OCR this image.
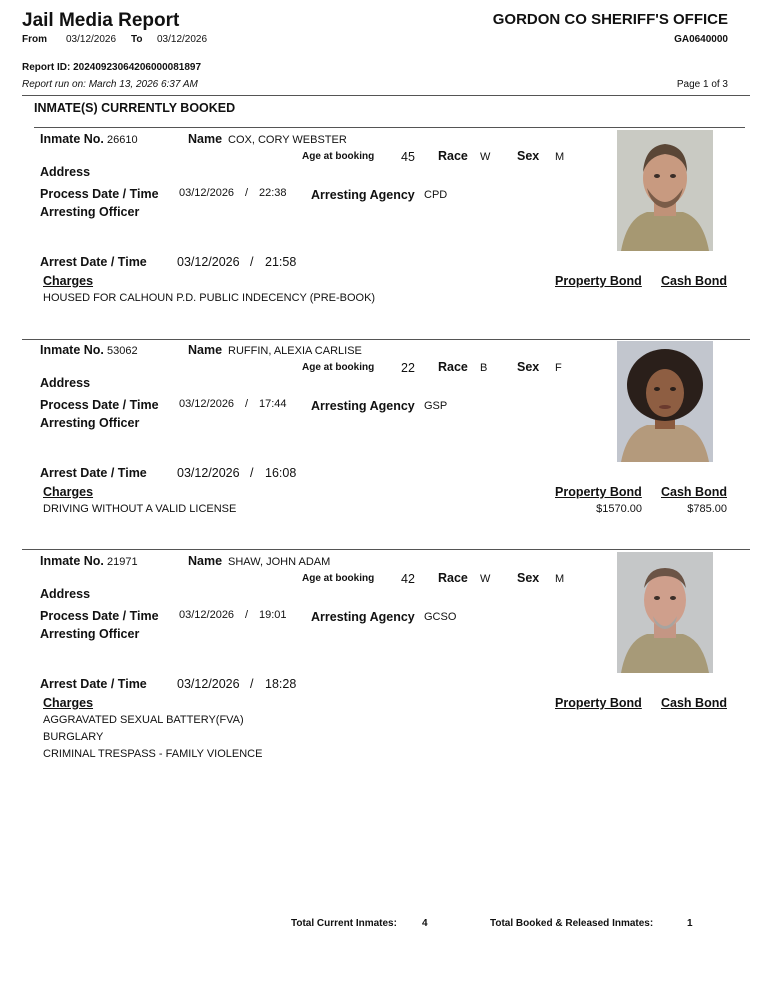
Jail Media Report
From 03/12/2026 To 03/12/2026
GORDON CO SHERIFF'S OFFICE
GA0640000
Report ID: 20240923064206000081897
Report run on: March 13, 2026 6:37 AM	Page 1 of 3
INMATE(S) CURRENTLY BOOKED
Inmate No. 26610	Name COX, CORY WEBSTER
Age at booking 45 Race W Sex M
Address
Process Date / Time 03/12/2026 / 22:38 Arresting Agency CPD
Arresting Officer
Arrest Date / Time 03/12/2026 / 21:58
Charges	Property Bond Cash Bond
HOUSED FOR CALHOUN P.D. PUBLIC INDECENCY (PRE-BOOK)
Inmate No. 53062	Name RUFFIN, ALEXIA CARLISE
Age at booking 22 Race B Sex F
Address
Process Date / Time 03/12/2026 / 17:44 Arresting Agency GSP
Arresting Officer
Arrest Date / Time 03/12/2026 / 16:08
Charges	Property Bond Cash Bond
DRIVING WITHOUT A VALID LICENSE	$1570.00	$785.00
Inmate No. 21971	Name SHAW, JOHN ADAM
Age at booking 42 Race W Sex M
Address
Process Date / Time 03/12/2026 / 19:01 Arresting Agency GCSO
Arresting Officer
Arrest Date / Time 03/12/2026 / 18:28
Charges	Property Bond Cash Bond
AGGRAVATED SEXUAL BATTERY(FVA)
BURGLARY
CRIMINAL TRESPASS - FAMILY VIOLENCE
Total Current Inmates:	4	Total Booked & Released Inmates:	1
